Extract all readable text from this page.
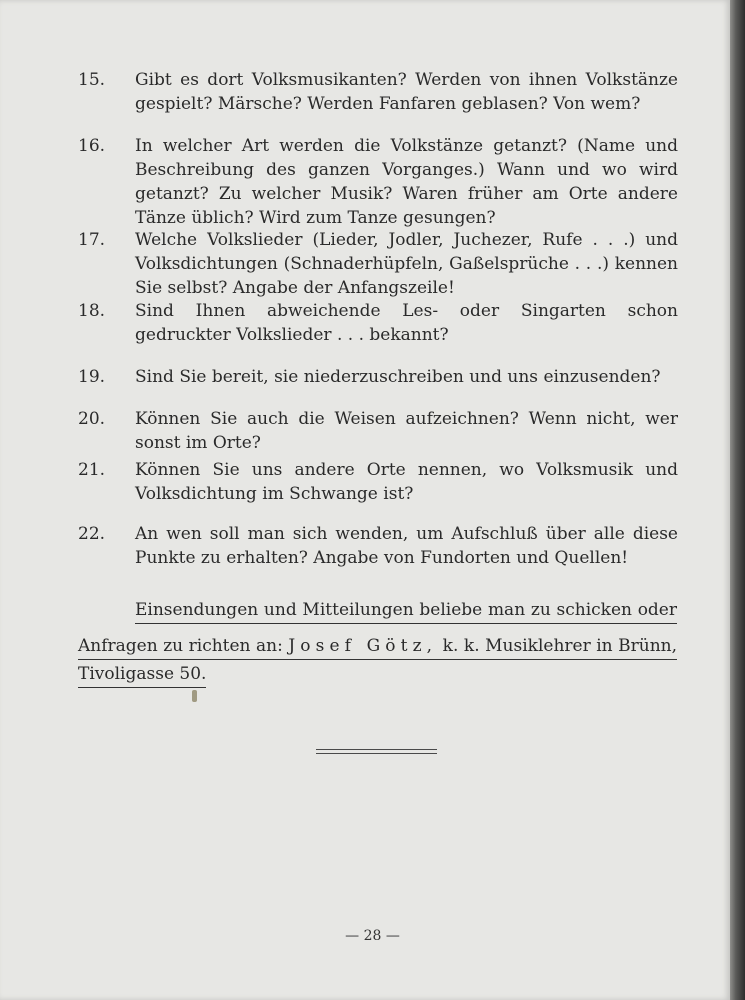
15.	Gibt es dort Volksmusikanten? Werden von ihnen Volkstänze gespielt? Märsche? Werden Fanfaren geblasen? Von wem?
16.	In welcher Art werden die Volkstänze getanzt? (Name und Beschreibung des ganzen Vorganges.) Wann und wo wird getanzt? Zu welcher Musik? Waren früher am Orte andere Tänze üblich? Wird zum Tanze gesungen?
17.	Welche Volkslieder (Lieder, Jodler, Juchezer, Rufe . . .) und Volksdichtungen (Schnaderhüpfeln, Gaßelsprüche . . .) kennen Sie selbst? Angabe der Anfangszeile!
18.	Sind Ihnen abweichende Les- oder Singarten schon gedruckter Volkslieder . . . bekannt?
19.	Sind Sie bereit, sie niederzuschreiben und uns einzusenden?
20.	Können Sie auch die Weisen aufzeichnen? Wenn nicht, wer sonst im Orte?
21.	Können Sie uns andere Orte nennen, wo Volksmusik und Volksdichtung im Schwange ist?
22.	An wen soll man sich wenden, um Aufschluß über alle diese Punkte zu erhalten? Angabe von Fundorten und Quellen!
Einsendungen und Mitteilungen beliebe man zu schicken oder
Anfragen zu richten an: Josef Götz, k. k. Musiklehrer in Brünn,
Tivoligasse 50.
— 28 —
